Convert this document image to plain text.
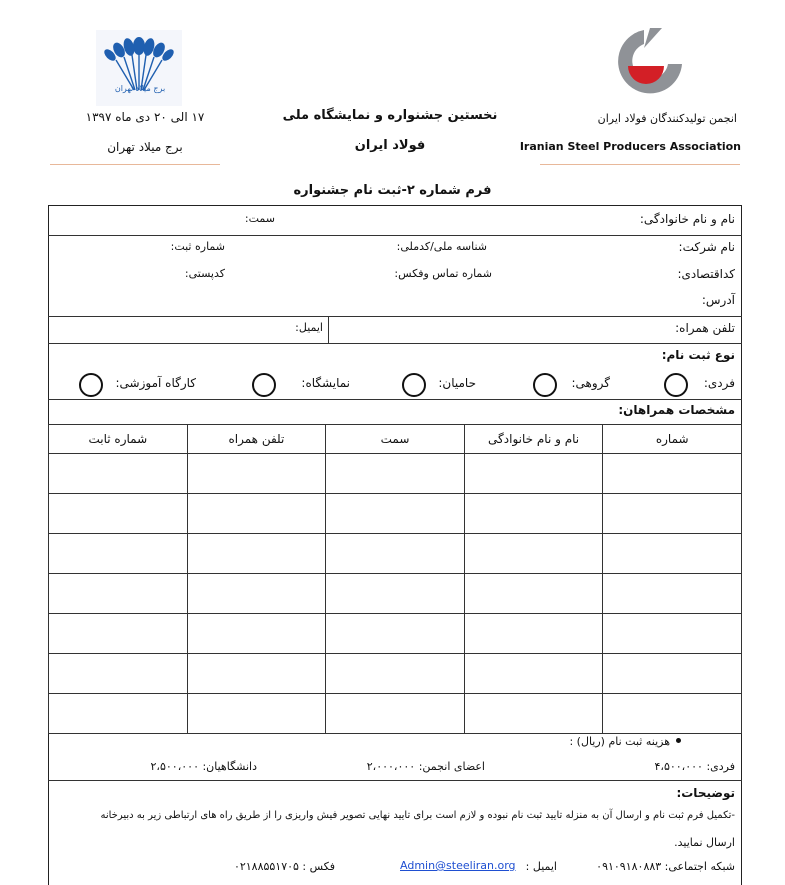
انجمن تولیدکنندگان فولاد ایران
Iranian Steel Producers Association
نخستین جشنواره و نمایشگاه ملی
فولاد ایران
برج میلاد تهران
۱۷ الی ۲۰ دی ماه ۱۳۹۷
برج میلاد تهران
فرم شماره ۲-ثبت نام جشنواره
نام و نام خانوادگی:
سمت:
نام شرکت:
شناسه ملی/کدملی:
شماره ثبت:
کداقتصادی:
شماره تماس وفکس:
کدپستی:
آدرس:
تلفن همراه:
ایمیل:
نوع ثبت نام:
فردی:
گروهی:
حامیان:
نمایشگاه:
کارگاه آموزشی:
مشخصات همراهان:
شماره	نام و نام خانوادگی	سمت	تلفن همراه	شماره ثابت

هزینه ثبت نام (ریال) :
فردی: ۴،۵۰۰،۰۰۰
اعضای انجمن: ۲،۰۰۰،۰۰۰
دانشگاهیان: ۲،۵۰۰،۰۰۰
توضیحات:
-تکمیل فرم ثبت نام و ارسال آن به منزله تایید ثبت نام نبوده و لازم است برای تایید نهایی تصویر فیش واریزی را از طریق راه های ارتباطی زیر به دبیرخانه
ارسال نمایید.
شبکه اجتماعی: ۰۹۱۰۹۱۸۰۸۸۳
ایمیل :
Admin@steeliran.org
فکس : ۰۲۱۸۸۵۵۱۷۰۵
